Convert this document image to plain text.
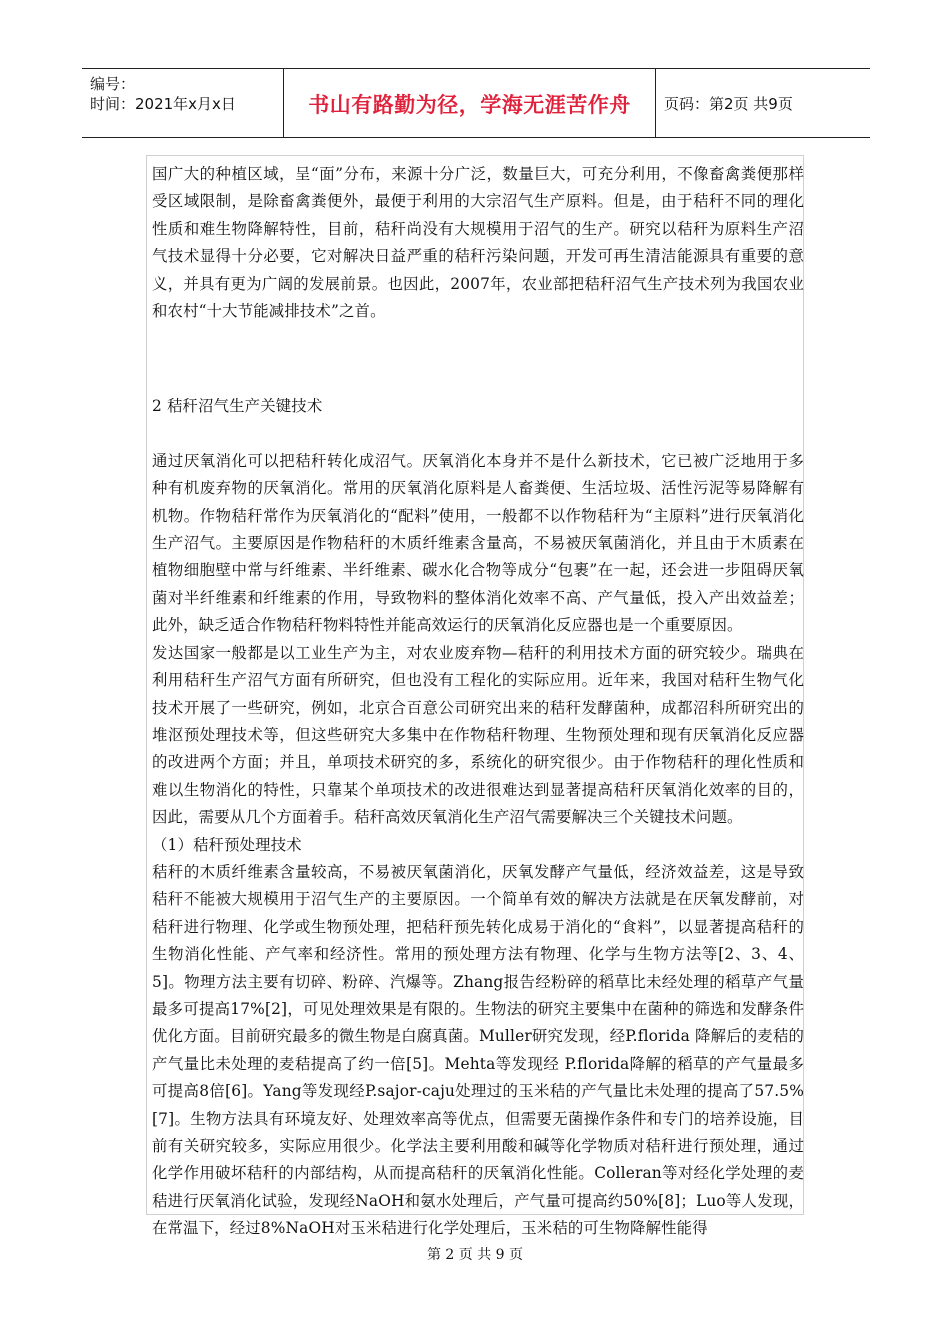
编号：
时间：2021年x月x日	书山有路勤为径，学海无涯苦作舟	页码：第2页 共9页

国广大的种植区域，呈“面”分布，来源十分广泛，数量巨大，可充分利用，不像畜禽粪便那样受区域限制，是除畜禽粪便外，最便于利用的大宗沼气生产原料。但是，由于秸秆不同的理化性质和难生物降解特性，目前，秸秆尚没有大规模用于沼气的生产。研究以秸秆为原料生产沼气技术显得十分必要，它对解决日益严重的秸秆污染问题，开发可再生清洁能源具有重要的意义，并具有更为广阔的发展前景。也因此，2007年，农业部把秸秆沼气生产技术列为我国农业和农村“十大节能减排技术”之首。

2 秸秆沼气生产关键技术

通过厌氧消化可以把秸秆转化成沼气。厌氧消化本身并不是什么新技术，它已被广泛地用于多种有机废弃物的厌氧消化。常用的厌氧消化原料是人畜粪便、生活垃圾、活性污泥等易降解有机物。作物秸秆常作为厌氧消化的“配料”使用，一般都不以作物秸秆为“主原料”进行厌氧消化生产沼气。主要原因是作物秸秆的木质纤维素含量高，不易被厌氧菌消化，并且由于木质素在植物细胞壁中常与纤维素、半纤维素、碳水化合物等成分“包裹”在一起，还会进一步阻碍厌氧菌对半纤维素和纤维素的作用，导致物料的整体消化效率不高、产气量低，投入产出效益差；此外，缺乏适合作物秸秆物料特性并能高效运行的厌氧消化反应器也是一个重要原因。

发达国家一般都是以工业生产为主，对农业废弃物—秸秆的利用技术方面的研究较少。瑞典在利用秸秆生产沼气方面有所研究，但也没有工程化的实际应用。近年来，我国对秸秆生物气化技术开展了一些研究，例如，北京合百意公司研究出来的秸秆发酵菌种，成都沼科所研究出的堆沤预处理技术等，但这些研究大多集中在作物秸秆物理、生物预处理和现有厌氧消化反应器的改进两个方面；并且，单项技术研究的多，系统化的研究很少。由于作物秸秆的理化性质和难以生物消化的特性，只靠某个单项技术的改进很难达到显著提高秸秆厌氧消化效率的目的，因此，需要从几个方面着手。秸秆高效厌氧消化生产沼气需要解决三个关键技术问题。

（1）秸秆预处理技术

秸秆的木质纤维素含量较高，不易被厌氧菌消化，厌氧发酵产气量低，经济效益差，这是导致秸秆不能被大规模用于沼气生产的主要原因。一个简单有效的解决方法就是在厌氧发酵前，对秸秆进行物理、化学或生物预处理，把秸秆预先转化成易于消化的“食料”，以显著提高秸秆的生物消化性能、产气率和经济性。常用的预处理方法有物理、化学与生物方法等[2、3、4、5]。物理方法主要有切碎、粉碎、汽爆等。Zhang报告经粉碎的稻草比未经处理的稻草产气量最多可提高17%[2]，可见处理效果是有限的。生物法的研究主要集中在菌种的筛选和发酵条件优化方面。目前研究最多的微生物是白腐真菌。Muller研究发现，经P.florida 降解后的麦秸的产气量比未处理的麦秸提高了约一倍[5]。Mehta等发现经 P.florida降解的稻草的产气量最多可提高8倍[6]。Yang等发现经P.sajor-caju处理过的玉米秸的产气量比未处理的提高了57.5%[7]。生物方法具有环境友好、处理效率高等优点，但需要无菌操作条件和专门的培养设施，目前有关研究较多，实际应用很少。化学法主要利用酸和碱等化学物质对秸秆进行预处理，通过化学作用破坏秸秆的内部结构，从而提高秸秆的厌氧消化性能。Colleran等对经化学处理的麦秸进行厌氧消化试验，发现经NaOH和氨水处理后，产气量可提高约50%[8]；Luo等人发现，在常温下，经过8%NaOH对玉米秸进行化学处理后，玉米秸的可生物降解性能得

第 2 页 共 9 页
